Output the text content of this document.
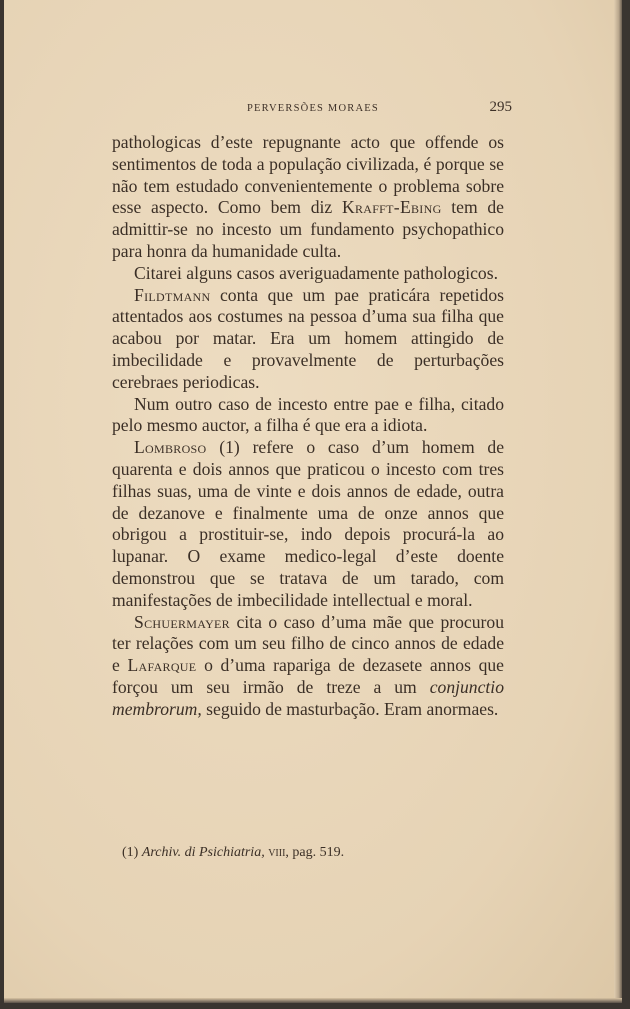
PERVERSÕES MORAES	295

pathologicas d’este repugnante acto que offende os sentimentos de toda a população civilizada, é porque se não tem estudado convenientemente o problema sobre esse aspecto. Como bem diz Krafft-Ebing tem de admittir-se no incesto um fundamento psychopathico para honra da humanidade culta.

Citarei alguns casos averiguadamente pathologicos.

Fildtmann conta que um pae praticára repetidos attentados aos costumes na pessoa d’uma sua filha que acabou por matar. Era um homem attingido de imbecilidade e provavelmente de perturbações cerebraes periodicas.

Num outro caso de incesto entre pae e filha, citado pelo mesmo auctor, a filha é que era a idiota.

Lombroso (1) refere o caso d’um homem de quarenta e dois annos que praticou o incesto com tres filhas suas, uma de vinte e dois annos de edade, outra de dezanove e finalmente uma de onze annos que obrigou a prostituir-se, indo depois procurá-la ao lupanar. O exame medico-legal d’este doente demonstrou que se tratava de um tarado, com manifestações de imbecilidade intellectual e moral.

Schuermayer cita o caso d’uma mãe que procurou ter relações com um seu filho de cinco annos de edade e Lafarque o d’uma rapariga de dezasete annos que forçou um seu irmão de treze a um conjunctio membrorum, seguido de masturbação. Eram anormaes.

(1) Archiv. di Psichiatria, viii, pag. 519.
